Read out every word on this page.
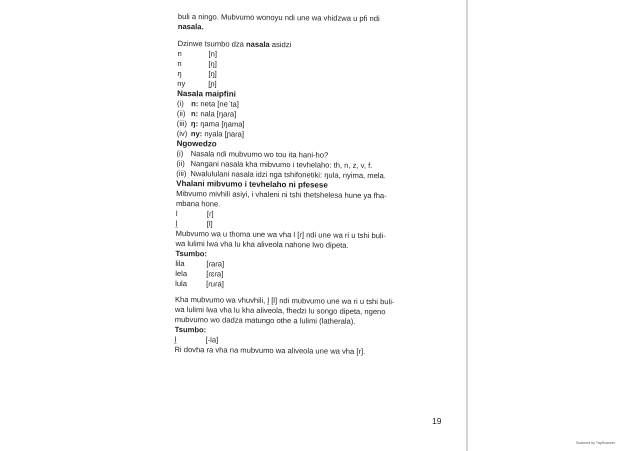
buli a ningo. Mubvumo wonoyu ndi une wa vhidzwa u pfi ndi
nasala.

Dzinwe tsumbo dza nasala asidzi

n	[n]
n	[ŋ]
ŋ	[ŋ]
ny	[ɲ]

Nasala maipfini

(i) n: neta [neˈta]
(ii) n: nala [ŋaɾa]
(iii) ŋ: ŋama [ŋama]
(iv) ny: nyala [ɲaɾa]

Ngowedzo

(i) Nasala ndi mubvumo wo tou ita hani-ho?
(ii) Nangani nasala kha mibvumo i tevhelaho: th, n, z, v, f.
(iii) Nwalululani nasala idzi nga tshifonetiki: ŋula, nyima, mela.

Vhalani mibvumo i tevhelaho ni pfesese

Mibvumo mivhili asiyi, i vhaleni ni tshi thetshelesa hune ya fha-
mbana hone.

l	[ɾ]
ḽ	[l]

Mubvumo wa u thoma une wa vha l [ɾ] ndi une wa ri u tshi buli-
wa lulimi lwa vha lu kha aliveola nahone lwo dipeta.

Tsumbo:

lila	[ɾaɾa]
lela	[ɾɛɾa]
lula	[ɾuɾa]

Kha mubvumo wa vhuvhili, ḽ [l] ndi mubvumo une wa ri u tshi buli-
wa lulimi lwa vha lu kha aliveola, fhedzi lu songo dipeta, ngeno
mubvumo wo dadza matungo othe a lulimi (latherala).

Tsumbo:

ḽ	[-la]

Ri dovha ra vha na mubvumo wa aliveola une wa vha [r].

19
Scanned by TapScanner
